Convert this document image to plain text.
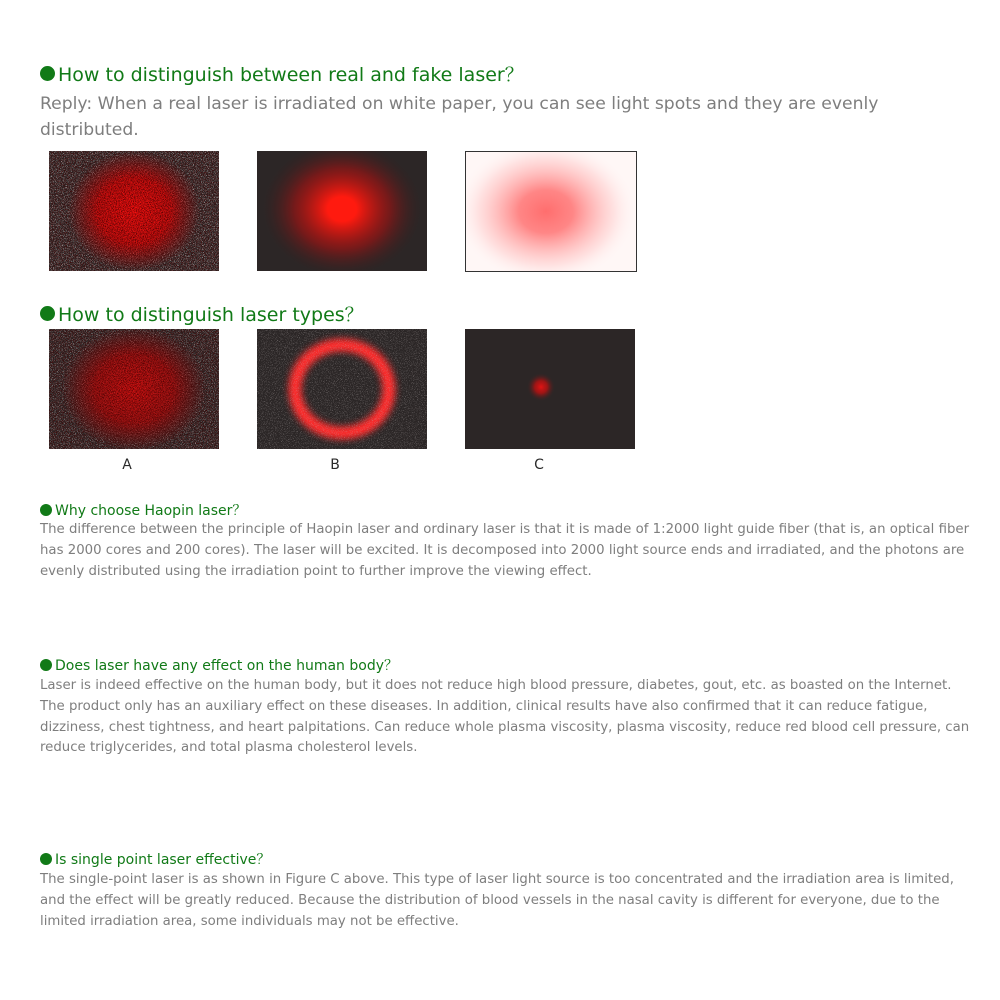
How to distinguish between real and fake laser？

Reply: When a real laser is irradiated on white paper, you can see light spots and they are evenly distributed.

How to distinguish laser types？
A	B	C
Why choose Haopin laser？

The difference between the principle of Haopin laser and ordinary laser is that it is made of 1:2000 light guide fiber (that is, an optical fiber has 2000 cores and 200 cores). The laser will be excited. It is decomposed into 2000 light source ends and irradiated, and the photons are evenly distributed using the irradiation point to further improve the viewing effect.

Does laser have any effect on the human body？

Laser is indeed effective on the human body, but it does not reduce high blood pressure, diabetes, gout, etc. as boasted on the Internet. The product only has an auxiliary effect on these diseases. In addition, clinical results have also confirmed that it can reduce fatigue, dizziness, chest tightness, and heart palpitations. Can reduce whole plasma viscosity, plasma viscosity, reduce red blood cell pressure, can reduce triglycerides, and total plasma cholesterol levels.

Is single point laser effective？

The single-point laser is as shown in Figure C above. This type of laser light source is too concentrated and the irradiation area is limited, and the effect will be greatly reduced. Because the distribution of blood vessels in the nasal cavity is different for everyone, due to the limited irradiation area, some individuals may not be effective.
